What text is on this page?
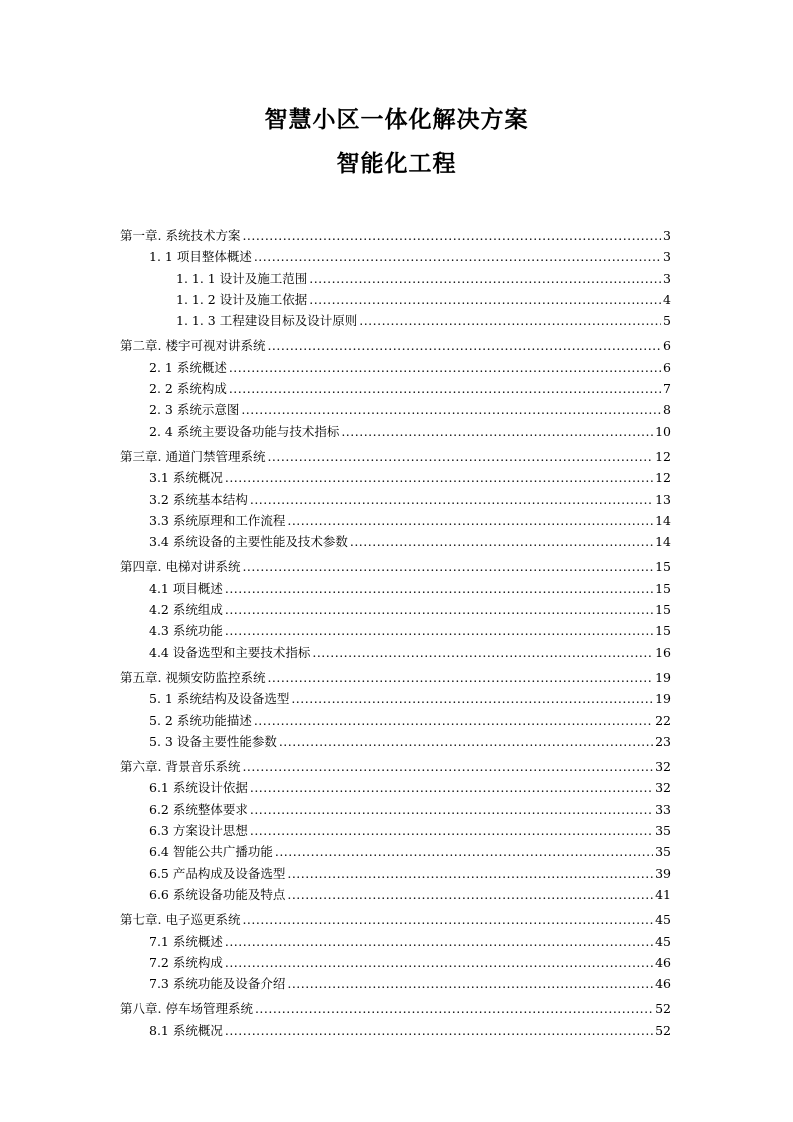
智慧小区一体化解决方案
智能化工程
第一章. 系统技术方案 .....	3
1. 1 项目整体概述 .....	3
1. 1. 1 设计及施工范围 .....	3
1. 1. 2 设计及施工依据 .....	4
1. 1. 3 工程建设目标及设计原则 .....	5
第二章. 楼宇可视对讲系统 .....	6
2. 1 系统概述 .....	6
2. 2 系统构成 .....	7
2. 3 系统示意图 .....	8
2. 4 系统主要设备功能与技术指标 .....	10
第三章. 通道门禁管理系统 .....	12
3.1 系统概况 .....	12
3.2 系统基本结构 .....	13
3.3 系统原理和工作流程 .....	14
3.4 系统设备的主要性能及技术参数 .....	14
第四章. 电梯对讲系统 .....	15
4.1 项目概述 .....	15
4.2 系统组成 .....	15
4.3 系统功能 .....	15
4.4 设备选型和主要技术指标 .....	16
第五章. 视频安防监控系统 .....	19
5. 1 系统结构及设备选型 .....	19
5. 2 系统功能描述 .....	22
5. 3 设备主要性能参数 .....	23
第六章. 背景音乐系统 .....	32
6.1 系统设计依据 .....	32
6.2 系统整体要求 .....	33
6.3 方案设计思想 .....	35
6.4 智能公共广播功能 .....	35
6.5 产品构成及设备选型 .....	39
6.6 系统设备功能及特点 .....	41
第七章. 电子巡更系统 .....	45
7.1 系统概述 .....	45
7.2 系统构成 .....	46
7.3 系统功能及设备介绍 .....	46
第八章. 停车场管理系统 .....	52
8.1 系统概况 .....	52
